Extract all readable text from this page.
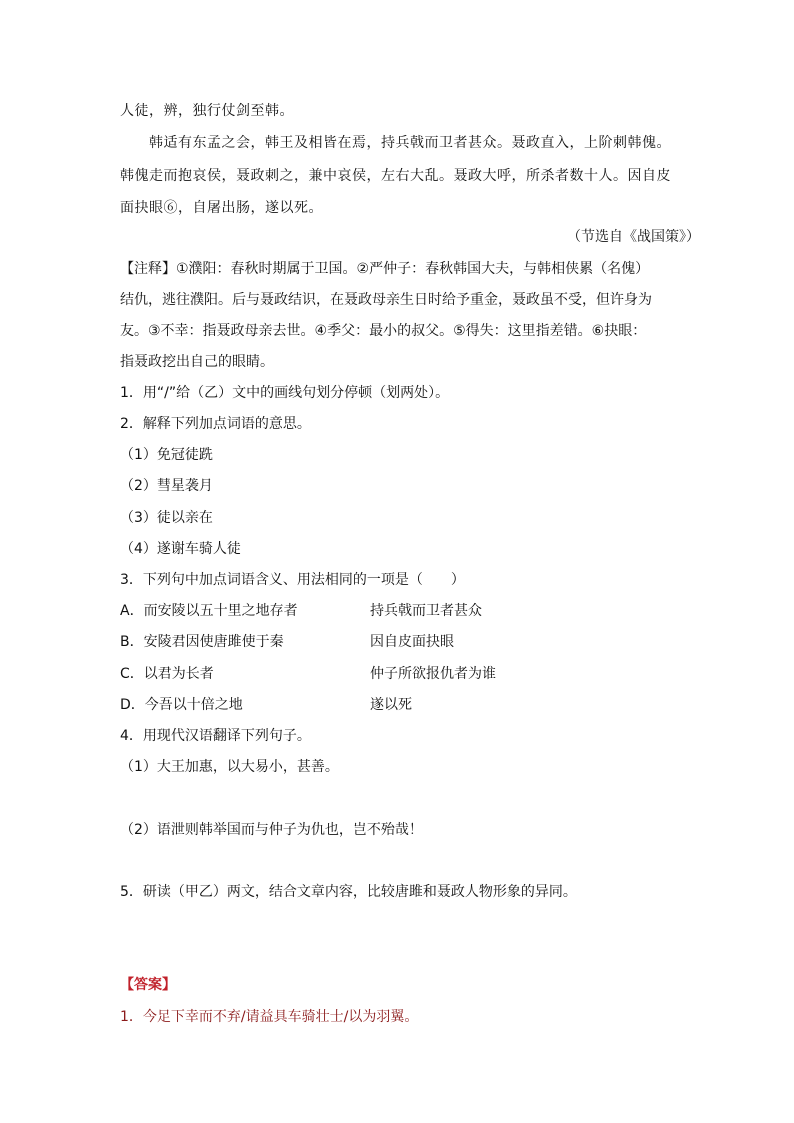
人徒，辨，独行仗剑至韩。
韩适有东孟之会，韩王及相皆在焉，持兵戟而卫者甚众。聂政直入，上阶刺韩傀。
韩傀走而抱哀侯，聂政刺之，兼中哀侯，左右大乱。聂政大呼，所杀者数十人。因自皮
面抉眼⑥，自屠出肠，遂以死。
（节选自《战国策》）
【注释】①濮阳：春秋时期属于卫国。②严仲子：春秋韩国大夫，与韩相侠累（名傀）
结仇，逃往濮阳。后与聂政结识，在聂政母亲生日时给予重金，聂政虽不受，但许身为
友。③不幸：指聂政母亲去世。④季父：最小的叔父。⑤得失：这里指差错。⑥抉眼：
指聂政挖出自己的眼睛。
1．用“/”给（乙）文中的画线句划分停顿（划两处）。
2．解释下列加点词语的意思。
（1）免冠徒跣
（2）彗星袭月
（3）徒以亲在
（4）遂谢车骑人徒
3．下列句中加点词语含义、用法相同的一项是（　　）
A．而安陵以五十里之地存者	持兵戟而卫者甚众
B．安陵君因使唐雎使于秦	因自皮面抉眼
C．以君为长者	仲子所欲报仇者为谁
D．今吾以十倍之地	遂以死
4．用现代汉语翻译下列句子。
（1）大王加惠，以大易小，甚善。
（2）语泄则韩举国而与仲子为仇也，岂不殆哉！
5．研读（甲乙）两文，结合文章内容，比较唐雎和聂政人物形象的异同。
【答案】
1．今足下幸而不弃/请益具车骑壮士/以为羽翼。
